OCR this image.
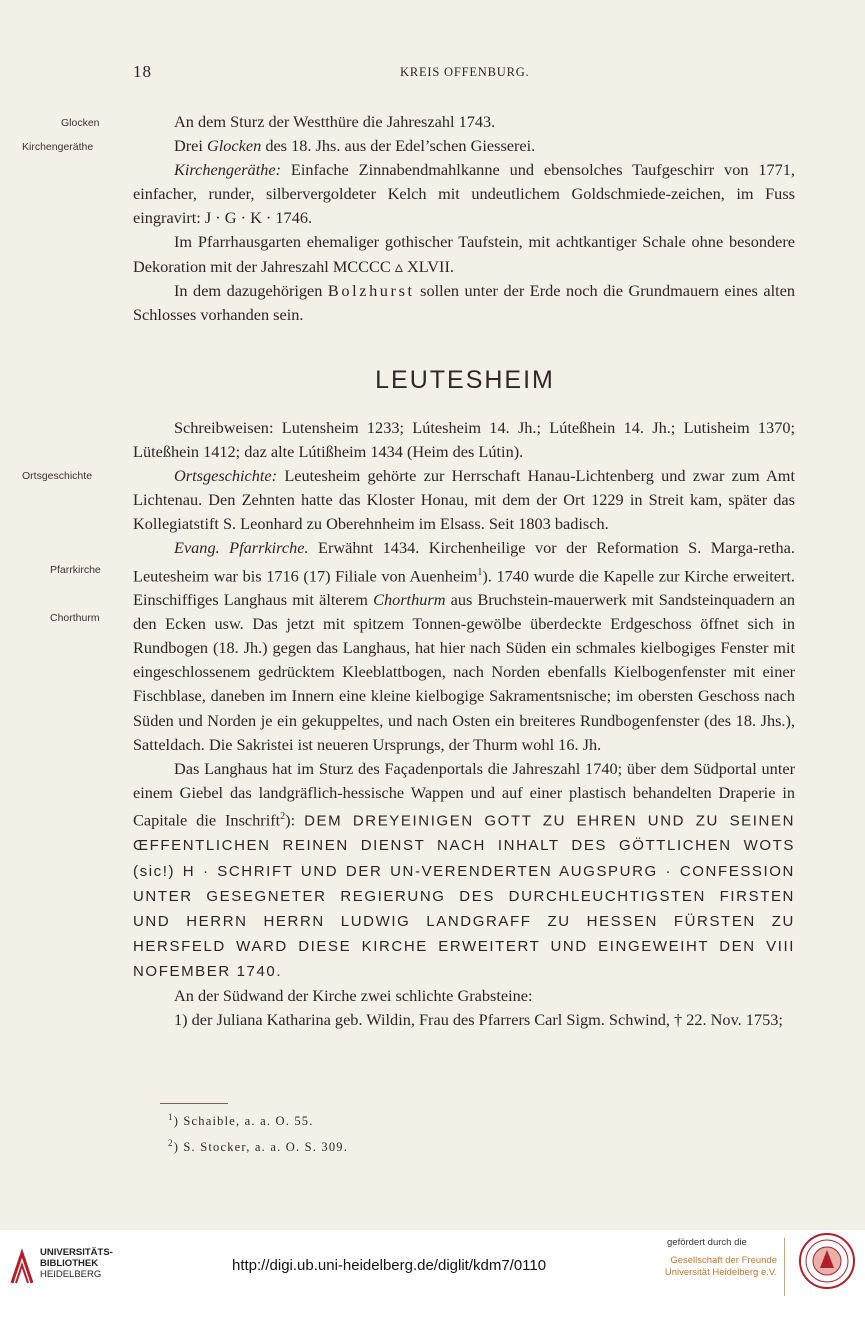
18	KREIS OFFENBURG.
Glocken
Kirchengeräthe
Ortsgeschichte
Pfarrkirche
Chorthurm

An dem Sturz der Westthüre die Jahreszahl 1743.

Drei Glocken des 18. Jhs. aus der Edel’schen Giesserei.

Kirchengeräthe: Einfache Zinnabendmahlkanne und ebensolches Taufgeschirr von 1771, einfacher, runder, silbervergoldeter Kelch mit undeutlichem Goldschmiede-zeichen, im Fuss eingravirt: J · G · K · 1746.

Im Pfarrhausgarten ehemaliger gothischer Taufstein, mit achtkantiger Schale ohne besondere Dekoration mit der Jahreszahl MCCCC ▵ XLVII.

In dem dazugehörigen Bolzhurst sollen unter der Erde noch die Grundmauern eines alten Schlosses vorhanden sein.

LEUTESHEIM

Schreibweisen: Lutensheim 1233; Lútesheim 14. Jh.; Lúteßhein 14. Jh.; Lutisheim 1370; Lüteßhein 1412; daz alte Lútißheim 1434 (Heim des Lútin).

Ortsgeschichte: Leutesheim gehörte zur Herrschaft Hanau-Lichtenberg und zwar zum Amt Lichtenau. Den Zehnten hatte das Kloster Honau, mit dem der Ort 1229 in Streit kam, später das Kollegiatstift S. Leonhard zu Oberehnheim im Elsass. Seit 1803 badisch.

Evang. Pfarrkirche. Erwähnt 1434. Kirchenheilige vor der Reformation S. Marga-retha. Leutesheim war bis 1716 (17) Filiale von Auenheim$^1$). 1740 wurde die Kapelle zur Kirche erweitert. Einschiffiges Langhaus mit älterem Chorthurm aus Bruchstein-mauerwerk mit Sandsteinquadern an den Ecken usw. Das jetzt mit spitzem Tonnen-gewölbe überdeckte Erdgeschoss öffnet sich in Rundbogen (18. Jh.) gegen das Langhaus, hat hier nach Süden ein schmales kielbogiges Fenster mit eingeschlossenem gedrücktem Kleeblattbogen, nach Norden ebenfalls Kielbogenfenster mit einer Fischblase, daneben im Innern eine kleine kielbogige Sakramentsnische; im obersten Geschoss nach Süden und Norden je ein gekuppeltes, und nach Osten ein breiteres Rundbogenfenster (des 18. Jhs.), Satteldach. Die Sakristei ist neueren Ursprungs, der Thurm wohl 16. Jh.

Das Langhaus hat im Sturz des Façadenportals die Jahreszahl 1740; über dem Südportal unter einem Giebel das landgräflich-hessische Wappen und auf einer plastisch behandelten Draperie in Capitale die Inschrift$^2$): DEM DREYEINIGEN GOTT ZU EHREN UND ZU SEINEN ŒFFENTLICHEN REINEN DIENST NACH INHALT DES GÖTTLICHEN WOTS (sic!) H · SCHRIFT UND DER UN-VERENDERTEN AUGSPURG · CONFESSION UNTER GESEGNETER REGIERUNG DES DURCHLEUCHTIGSTEN FIRSTEN UND HERRN HERRN LUDWIG LANDGRAFF ZU HESSEN FÜRSTEN ZU HERSFELD WARD DIESE KIRCHE ERWEITERT UND EINGEWEIHT DEN VIII NOFEMBER 1740.

An der Südwand der Kirche zwei schlichte Grabsteine:

1) der Juliana Katharina geb. Wildin, Frau des Pfarrers Carl Sigm. Schwind, † 22. Nov. 1753;

$^1$) Schaible, a. a. O. 55.
$^2$) S. Stocker, a. a. O. S. 309.
UNIVERSITÄTS-
BIBLIOTHEK
HEIDELBERG
http://digi.ub.uni-heidelberg.de/diglit/kdm7/0110
gefördert durch die
Gesellschaft der Freunde
Universität Heidelberg e.V.
